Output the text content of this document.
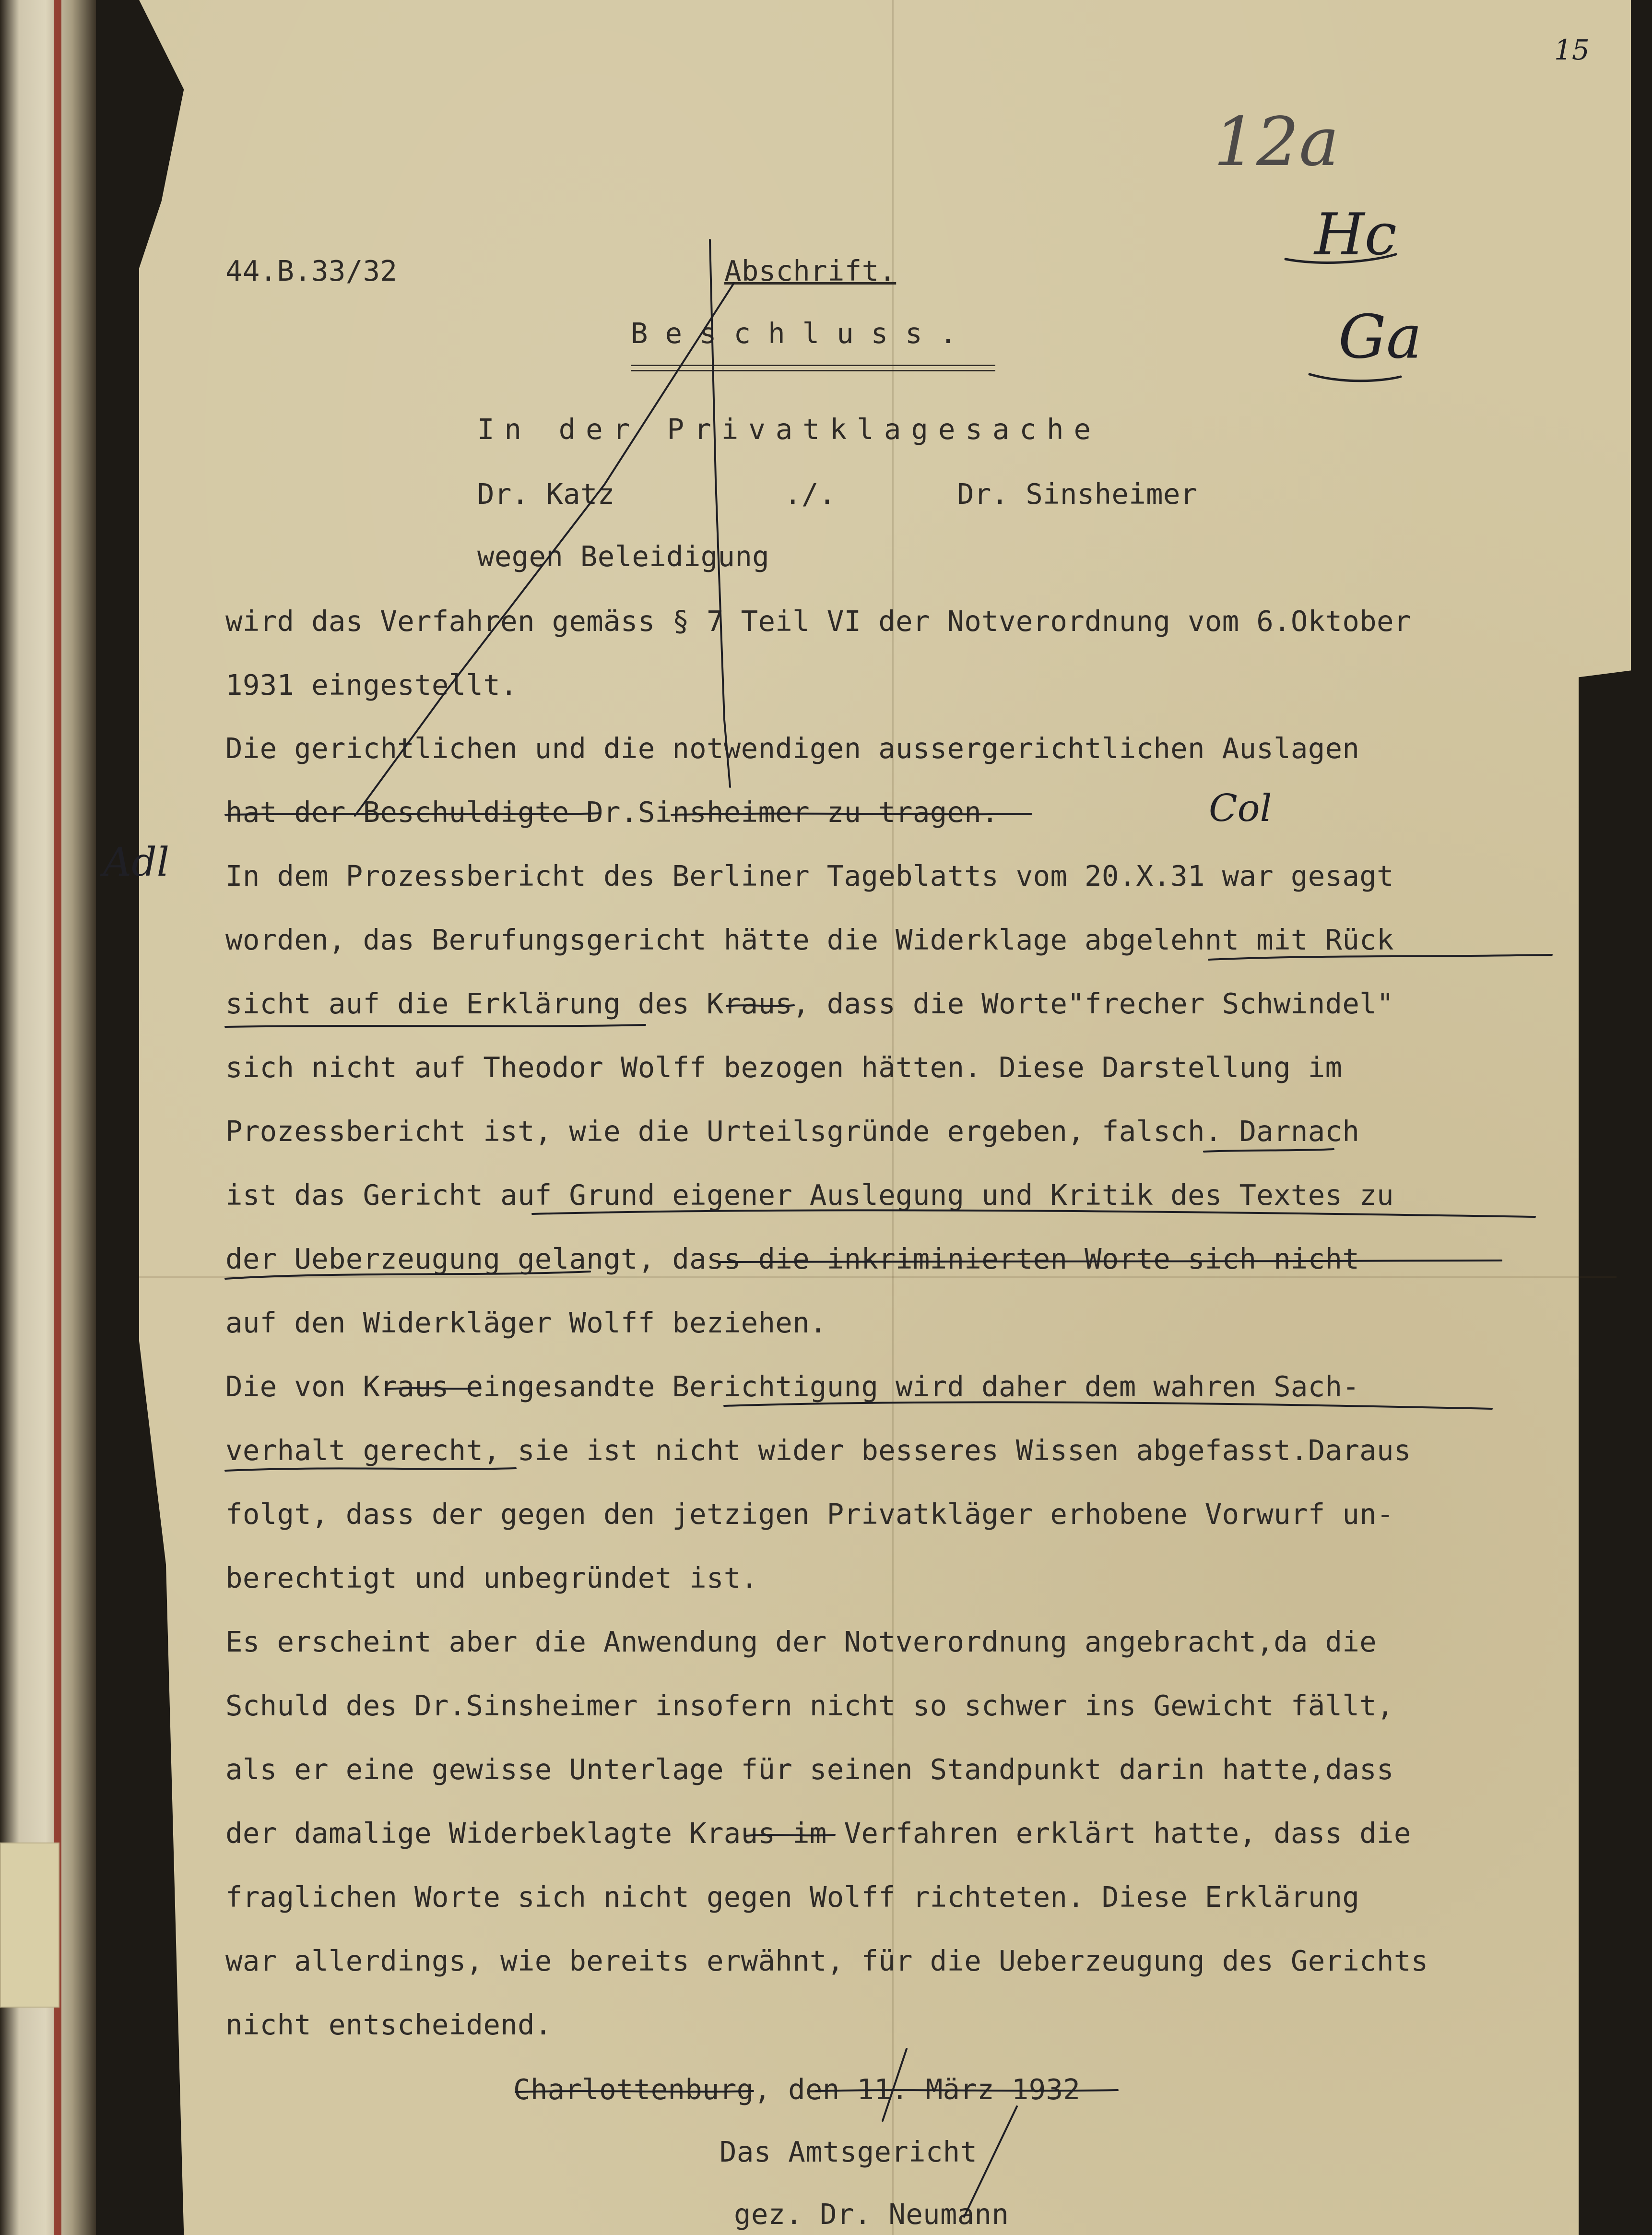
15
12a
Hc
Ga
Col
Adl
44.B.33/32	Abschrift.
Beschluss.
In der Privatklagesache
Dr. Katz	./.	Dr. Sinsheimer
wegen Beleidigung
wird das Verfahren gemäss § 7 Teil VI der Notverordnung vom 6.Oktober
1931 eingestellt.
Die gerichtlichen und die notwendigen aussergerichtlichen Auslagen
hat der Beschuldigte Dr.Sinsheimer zu tragen.
In dem Prozessbericht des Berliner Tageblatts vom 20.X.31 war gesagt
worden, das Berufungsgericht hätte die Widerklage abgelehnt mit Rück
sicht auf die Erklärung des Kraus, dass die Worte"frecher Schwindel"
sich nicht auf Theodor Wolff bezogen hätten. Diese Darstellung im
Prozessbericht ist, wie die Urteilsgründe ergeben, falsch. Darnach
ist das Gericht auf Grund eigener Auslegung und Kritik des Textes zu
der Ueberzeugung gelangt, dass die inkriminierten Worte sich nicht
auf den Widerkläger Wolff beziehen.
Die von Kraus eingesandte Berichtigung wird daher dem wahren Sach-
verhalt gerecht, sie ist nicht wider besseres Wissen abgefasst.Daraus
folgt, dass der gegen den jetzigen Privatkläger erhobene Vorwurf un-
berechtigt und unbegründet ist.
Es erscheint aber die Anwendung der Notverordnung angebracht,da die
Schuld des Dr.Sinsheimer insofern nicht so schwer ins Gewicht fällt,
als er eine gewisse Unterlage für seinen Standpunkt darin hatte,dass
der damalige Widerbeklagte Kraus im Verfahren erklärt hatte, dass die
fraglichen Worte sich nicht gegen Wolff richteten. Diese Erklärung
war allerdings, wie bereits erwähnt, für die Ueberzeugung des Gerichts
nicht entscheidend.
Charlottenburg, den 11. März 1932
Das Amtsgericht
gez. Dr. Neumann
